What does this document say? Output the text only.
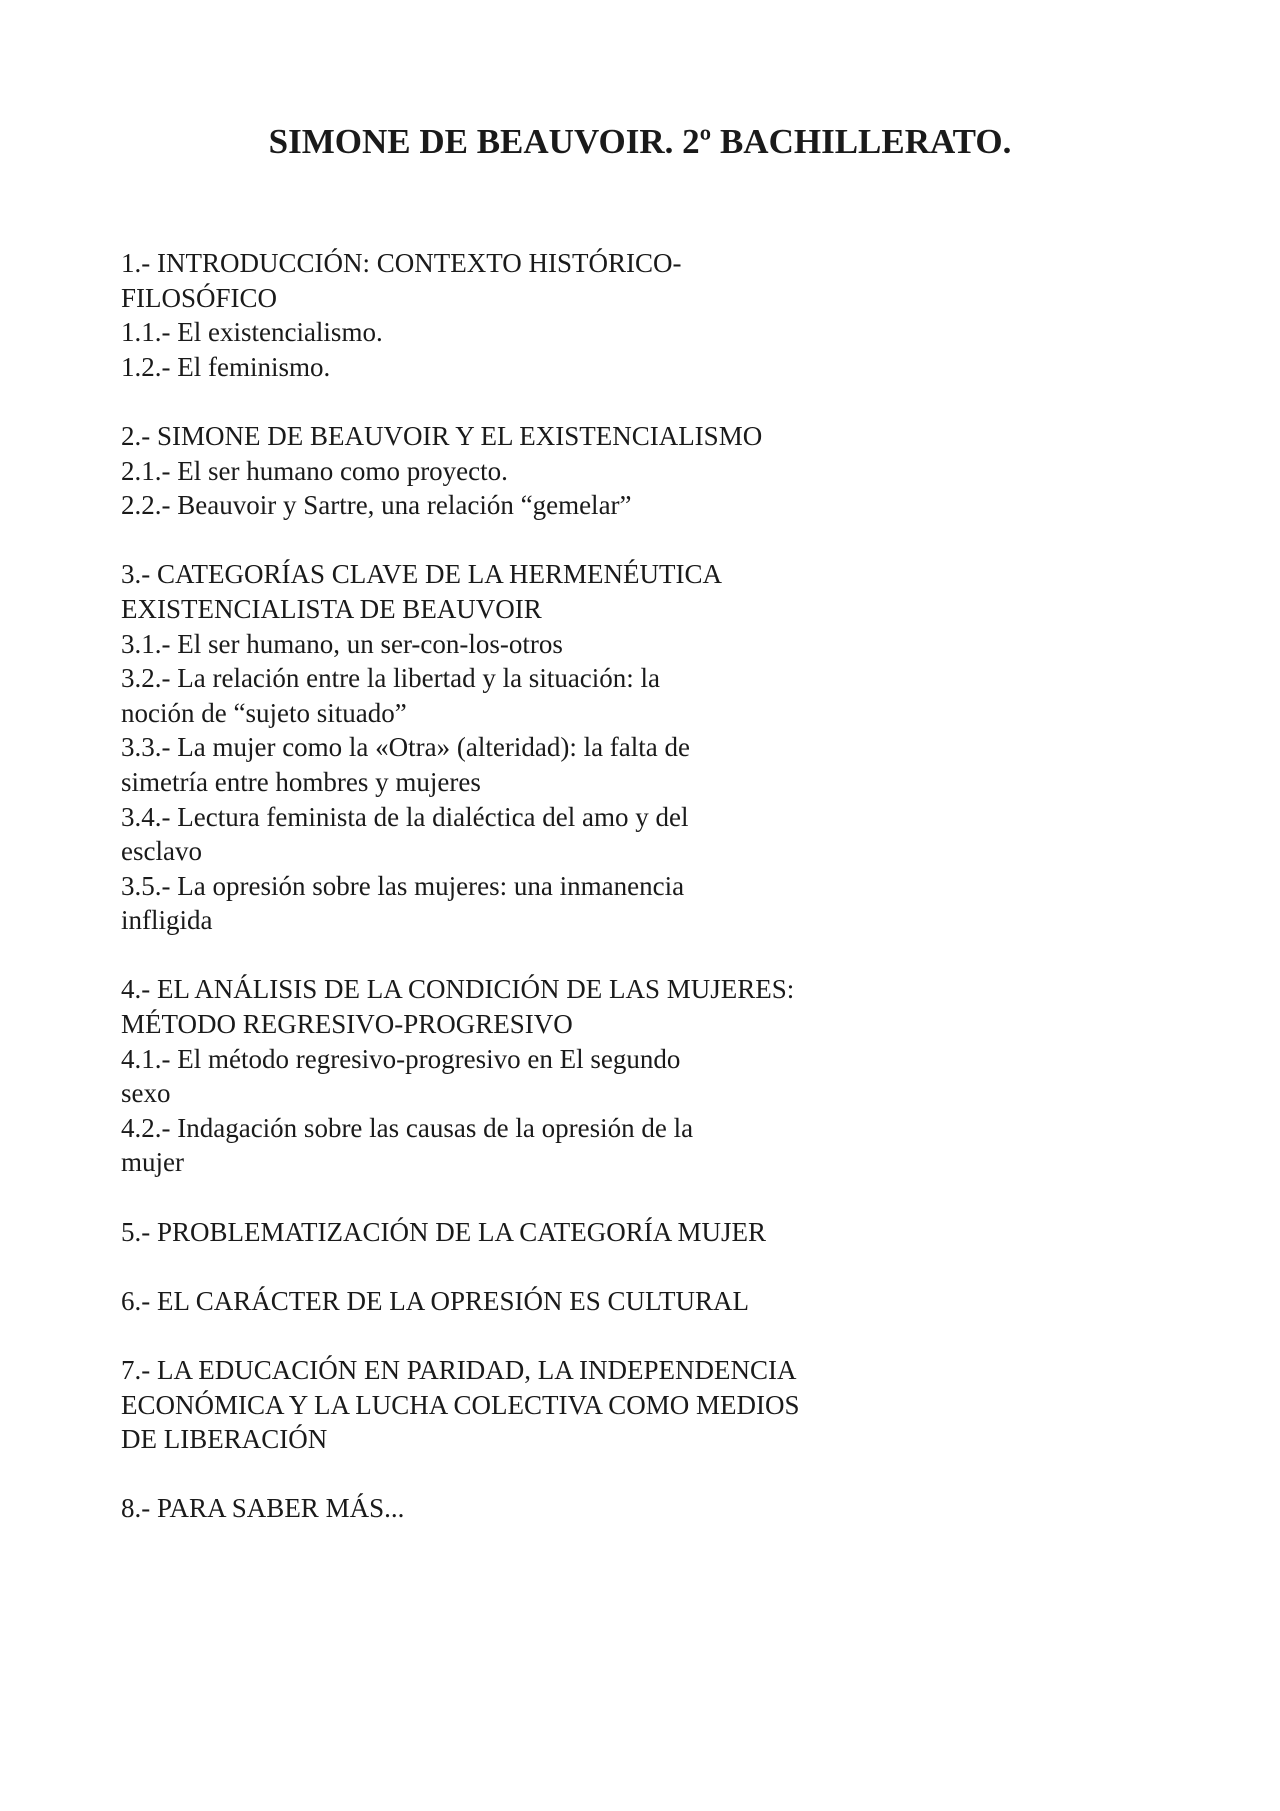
SIMONE DE BEAUVOIR. 2º BACHILLERATO.
1.- INTRODUCCIÓN: CONTEXTO HISTÓRICO-
FILOSÓFICO
1.1.- El existencialismo.
1.2.- El feminismo.
2.- SIMONE DE BEAUVOIR Y EL EXISTENCIALISMO
2.1.- El ser humano como proyecto.
2.2.- Beauvoir y Sartre, una relación “gemelar”
3.- CATEGORÍAS CLAVE DE LA HERMENÉUTICA
EXISTENCIALISTA DE BEAUVOIR
3.1.- El ser humano, un ser-con-los-otros
3.2.- La relación entre la libertad y la situación: la
noción de “sujeto situado”
3.3.- La mujer como la «Otra» (alteridad): la falta de
simetría entre hombres y mujeres
3.4.- Lectura feminista de la dialéctica del amo y del
esclavo
3.5.- La opresión sobre las mujeres: una inmanencia
infligida
4.- EL ANÁLISIS DE LA CONDICIÓN DE LAS MUJERES:
MÉTODO REGRESIVO-PROGRESIVO
4.1.- El método regresivo-progresivo en El segundo
sexo
4.2.- Indagación sobre las causas de la opresión de la
mujer
5.- PROBLEMATIZACIÓN DE LA CATEGORÍA MUJER
6.- EL CARÁCTER DE LA OPRESIÓN ES CULTURAL
7.- LA EDUCACIÓN EN PARIDAD, LA INDEPENDENCIA
ECONÓMICA Y LA LUCHA COLECTIVA COMO MEDIOS
DE LIBERACIÓN
8.- PARA SABER MÁS...
